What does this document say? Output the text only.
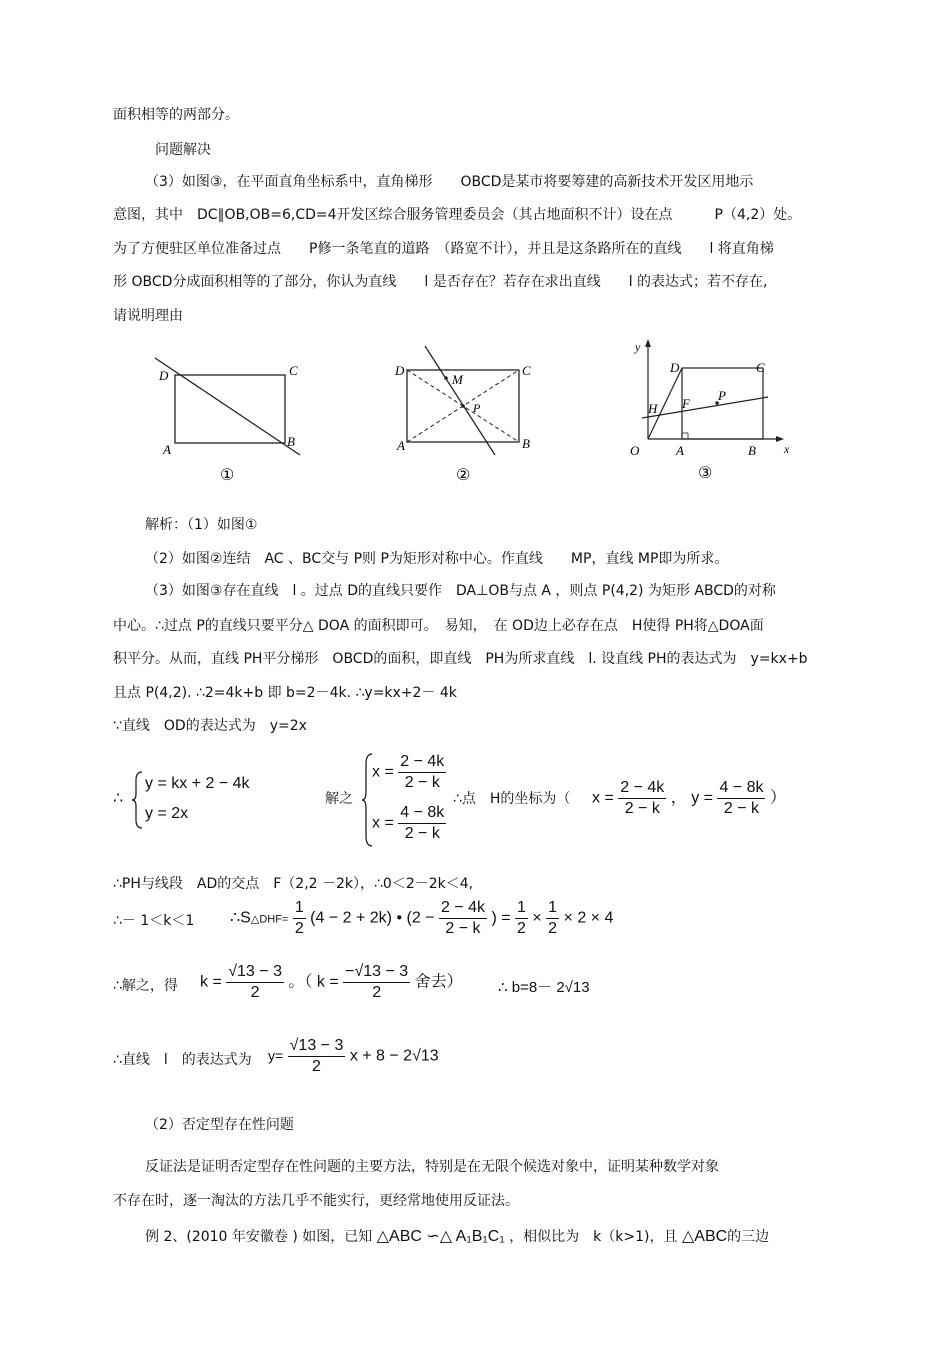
面积相等的两部分。
问题解决
（3）如图③，在平面直角坐标系中，直角梯形　　OBCD是某市将要筹建的高新技术开发区用地示
意图，其中　DC∥OB,OB=6,CD=4开发区综合服务管理委员会（其占地面积不计）设在点　　　P（4,2）处。
为了方便驻区单位准备过点　　P修一条笔直的道路　（路宽不计），并且是这条路所在的直线　　l 将直角梯
形 OBCD分成面积相等的了部分，你认为直线　　l 是否存在？若存在求出直线　　l 的表达式；若不存在,
请说明理由
D	C
A
B
①
D	C
A	B
M
P
②
y
x
D	C
H F
P
O	A	B
③
解析：（1）如图①
（2）如图②连结　AC 、BC交与 P则 P为矩形对称中心。作直线　　MP，直线 MP即为所求。
（3）如图③存在直线　l 。过点 D的直线只要作　DA⊥OB与点 A ，则点 P(4,2) 为矩形 ABCD的对称
中心。∴过点 P的直线只要平分△ DOA 的面积即可。　易知，　在 OD边上必存在点　H使得 PH将△DOA面
积平分。从而，直线 PH平分梯形　OBCD的面积，即直线　PH为所求直线　l. 设直线 PH的表达式为　y=kx+b
且点 P(4,2). ∴2=4k+b 即 b=2－4k. ∴y=kx+2－ 4k
∵直线　OD的表达式为　y=2x
∴
y = kx + 2 − 4k
y = 2x
解之
$x = \frac{2 - 4k}{2 - k}$
$x = \frac{4 - 8k}{2 - k}$
∴点　H的坐标为（ $x = \frac{2 - 4k}{2 - k}$ ， $y = \frac{4 - 8k}{2 - k}$ ）
∴PH与线段　AD的交点　F（2,2 －2k），∴0＜2－2k＜4,
∴－ 1＜k＜1 ∴S△DHF= $\frac{1}{2} (4 - 2 + 2k)$ • ($2 - \frac{2 - 4k}{2 - k}$ ) = $\frac{1}{2} \times \frac{1}{2} \times 2 \times 4$
∴解之，得 $k = \frac{√13 - 3}{2}$ 。（ $k = \frac{-√13 - 3}{2}$ 舍去） ∴ b=8－ 2√13
∴直线　l　的表达式为 $y= \frac{√13 - 3}{2}$ x + 8 − 2√13
（2）否定型存在性问题
反证法是证明否定型存在性问题的主要方法，特别是在无限个候选对象中，证明某种数学对象
不存在时，逐一淘汰的方法几乎不能实行，更经常地使用反证法。
例 2、(2010 年安徽卷 ) 如图，已知 △ABC ∽△ A₁B₁C₁ ，相似比为　k（k>1)，且 △ABC的三边
